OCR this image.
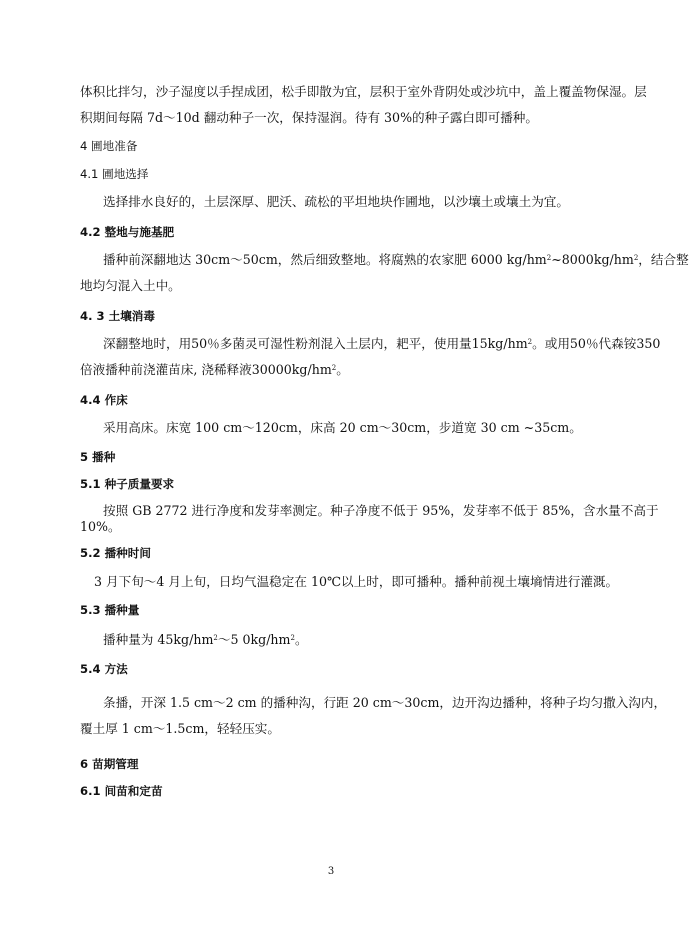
体积比拌匀，沙子湿度以手捏成团，松手即散为宜，层积于室外背阴处或沙坑中，盖上覆盖物保湿。层
积期间每隔 7d～10d 翻动种子一次，保持湿润。待有 30%的种子露白即可播种。
4 圃地准备
4.1 圃地选择
选择排水良好的，土层深厚、肥沃、疏松的平坦地块作圃地，以沙壤土或壤土为宜。
4.2 整地与施基肥
播种前深翻地达 30cm～50cm，然后细致整地。将腐熟的农家肥 6000 $kg/hm^2\sim 8000kg/hm^2$，结合整
地均匀混入土中。
4. 3 土壤消毒
深翻整地时，用50％多菌灵可湿性粉剂混入土层内，耙平，使用量$15kg/hm^2$。或用50％代森铵350
倍液播种前浇灌苗床, 浇稀释液$30000kg/hm^2$。
4.4 作床
采用高床。床宽 100 cm～120cm，床高 20 cm～30cm，步道宽 30 cm ~35cm。
5 播种
5.1 种子质量要求
按照 GB 2772 进行净度和发芽率测定。种子净度不低于 95%，发芽率不低于 85%，含水量不高于
10%。
5.2 播种时间
3 月下旬～4 月上旬，日均气温稳定在 10℃以上时，即可播种。播种前视土壤墒情进行灌溉。
5.3 播种量
播种量为 $45kg/hm^2\sim 5$ $0kg/hm^2$。
5.4 方法
条播，开深 1.5 cm～2 cm 的播种沟，行距 20 cm～30cm，边开沟边播种，将种子均匀撒入沟内，
覆土厚 1 cm～1.5cm，轻轻压实。
6 苗期管理
6.1 间苗和定苗
3
